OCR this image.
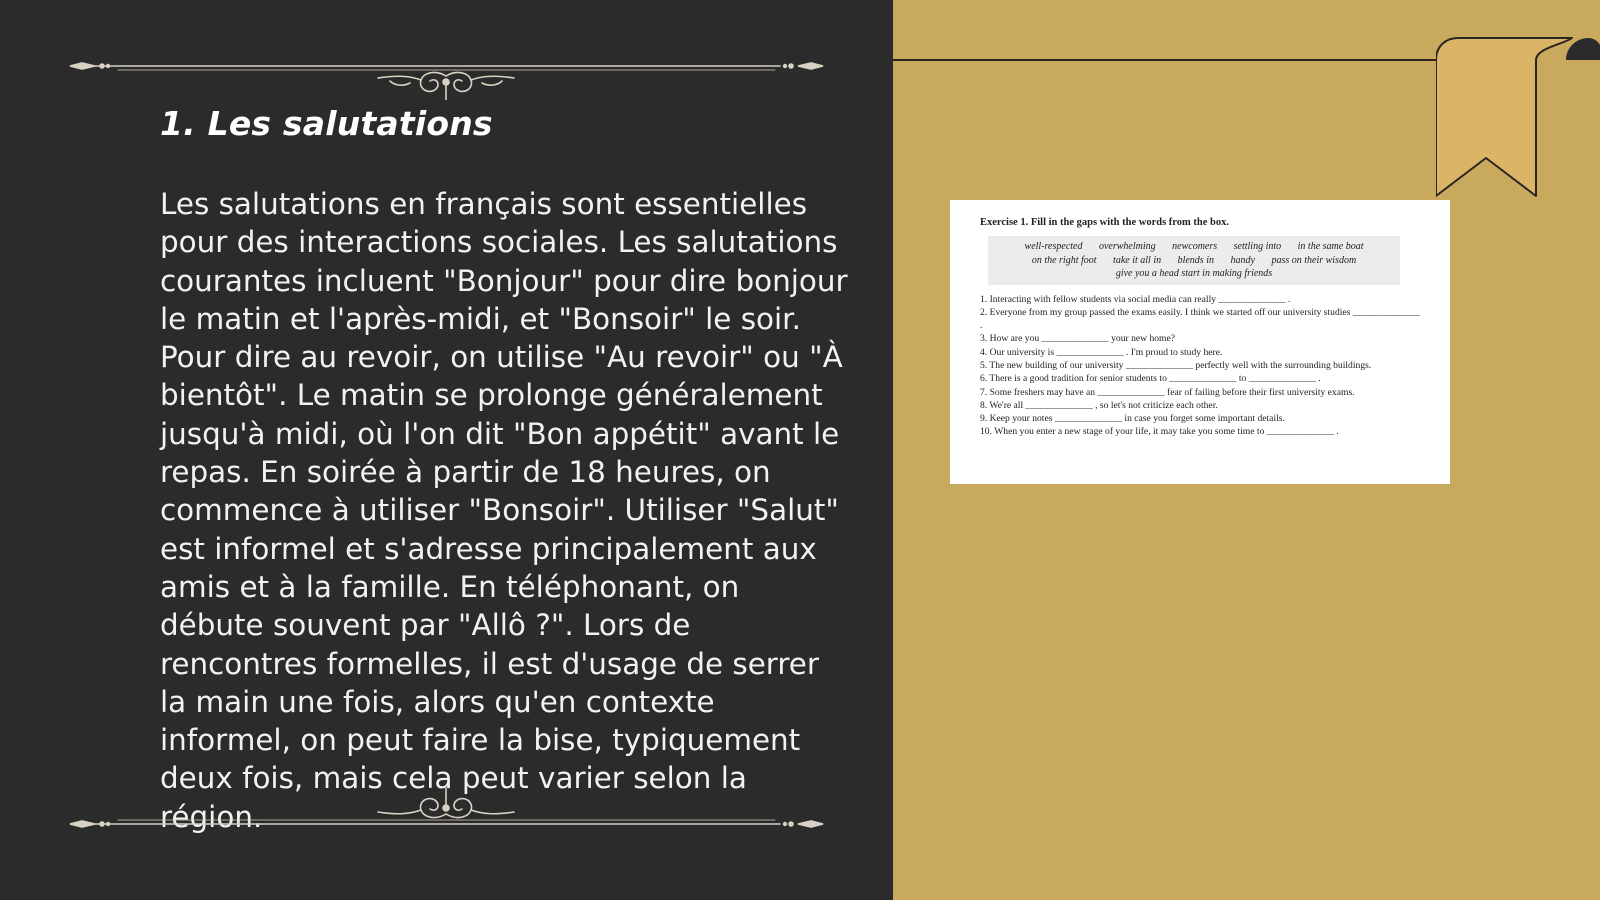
1. Les salutations

Les salutations en français sont essentielles pour des interactions sociales. Les salutations courantes incluent "Bonjour" pour dire bonjour le matin et l'après-midi, et "Bonsoir" le soir. Pour dire au revoir, on utilise "Au revoir" ou "À bientôt". Le matin se prolonge généralement jusqu'à midi, où l'on dit "Bon appétit" avant le repas. En soirée à partir de 18 heures, on commence à utiliser "Bonsoir". Utiliser "Salut" est informel et s'adresse principalement aux amis et à la famille. En téléphonant, on débute souvent par "Allô ?". Lors de rencontres formelles, il est d'usage de serrer la main une fois, alors qu'en contexte informel, on peut faire la bise, typiquement deux fois, mais cela peut varier selon la région.

Exercise 1. Fill in the gaps with the words from the box.

well-respected overwhelming newcomers settling into in the same boat

on the right foot take it all in blends in handy pass on their wisdom

give you a head start in making friends

1. Interacting with fellow students via social media can really ______________ .
2. Everyone from my group passed the exams easily. I think we started off our university studies ______________ .
3. How are you ______________ your new home?
4. Our university is ______________ . I'm proud to study here.
5. The new building of our university ______________ perfectly well with the surrounding buildings.
6. There is a good tradition for senior students to ______________ to ______________ .
7. Some freshers may have an ______________ fear of failing before their first university exams.
8. We're all ______________ , so let's not criticize each other.
9. Keep your notes ______________ in case you forget some important details.
10. When you enter a new stage of your life, it may take you some time to ______________ .
